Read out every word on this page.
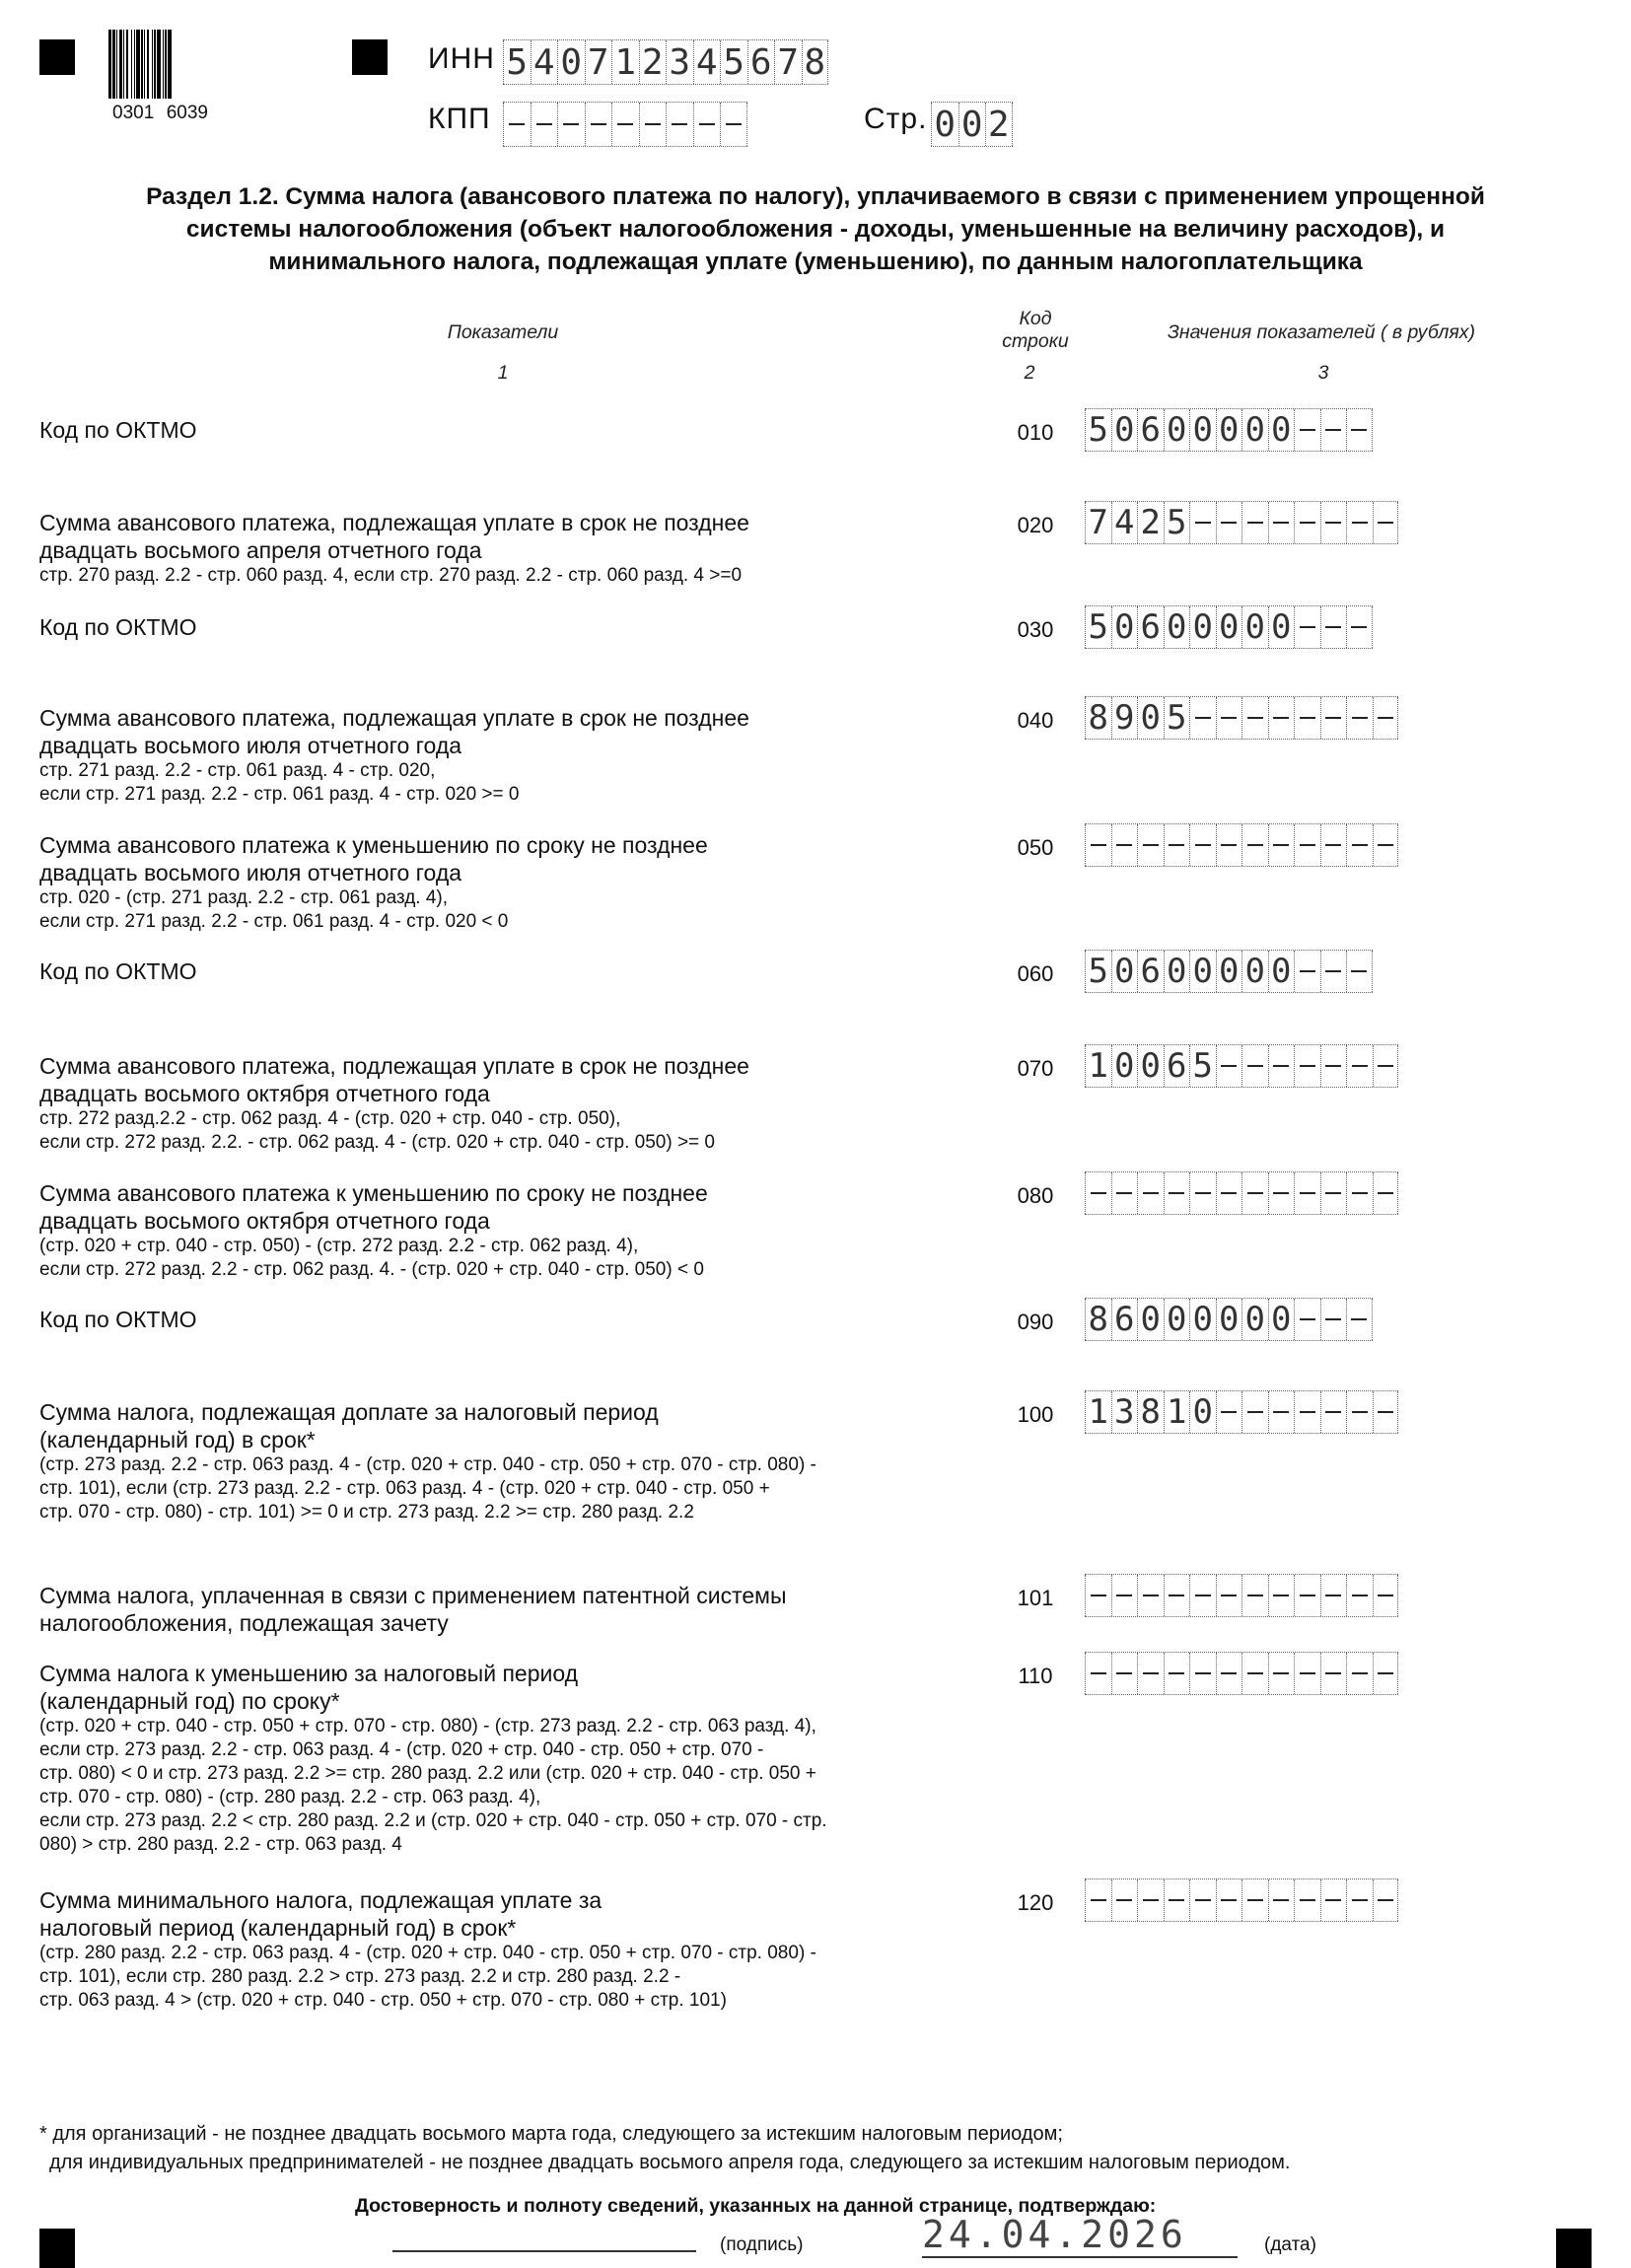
0301 6039
ИНН 5 4 0 7 1 2 3 4 5 6 7 8
КПП	Стр. 0 0 2
Раздел 1.2. Сумма налога (авансового платежа по налогу), уплачиваемого в связи с применением упрощенной
системы налогообложения (объект налогообложения - доходы, уменьшенные на величину расходов), и
минимального налога, подлежащая уплате (уменьшению), по данным налогоплательщика
Показатели
Код
строки	Значения показателей ( в рублях)
1	2	3
Код по ОКТМО	010	5 0 6 0 0 0 0 0
Сумма авансового платежа, подлежащая уплате в срок не позднее
двадцать восьмого апреля отчетного года
стр. 270 разд. 2.2 - стр. 060 разд. 4, если стр. 270 разд. 2.2 - стр. 060 разд. 4 >=0
020	7 4 2 5
Код по ОКТМО	030	5 0 6 0 0 0 0 0
Сумма авансового платежа, подлежащая уплате в срок не позднее
двадцать восьмого июля отчетного года
стр. 271 разд. 2.2 - стр. 061 разд. 4 - стр. 020,
если стр. 271 разд. 2.2 - стр. 061 разд. 4 - стр. 020 >= 0
040	8 9 0 5
Сумма авансового платежа к уменьшению по сроку не позднее
двадцать восьмого июля отчетного года
стр. 020 - (стр. 271 разд. 2.2 - стр. 061 разд. 4),
если стр. 271 разд. 2.2 - стр. 061 разд. 4 - стр. 020 < 0
050
Код по ОКТМО	060	5 0 6 0 0 0 0 0
Сумма авансового платежа, подлежащая уплате в срок не позднее
двадцать восьмого октября отчетного года
стр. 272 разд.2.2 - стр. 062 разд. 4 - (стр. 020 + стр. 040 - стр. 050),
если стр. 272 разд. 2.2. - стр. 062 разд. 4 - (стр. 020 + стр. 040 - стр. 050) >= 0
070	1 0 0 6 5
Сумма авансового платежа к уменьшению по сроку не позднее
двадцать восьмого октября отчетного года
(стр. 020 + стр. 040 - стр. 050) - (стр. 272 разд. 2.2 - стр. 062 разд. 4),
если стр. 272 разд. 2.2 - стр. 062 разд. 4. - (стр. 020 + стр. 040 - стр. 050) < 0
080
Код по ОКТМО	090	8 6 0 0 0 0 0 0
Сумма налога, подлежащая доплате за налоговый период
(календарный год) в срок*
(стр. 273 разд. 2.2 - стр. 063 разд. 4 - (стр. 020 + стр. 040 - стр. 050 + стр. 070 - стр. 080) -
стр. 101), если (стр. 273 разд. 2.2 - стр. 063 разд. 4 - (стр. 020 + стр. 040 - стр. 050 +
стр. 070 - стр. 080) - стр. 101) >= 0 и стр. 273 разд. 2.2 >= стр. 280 разд. 2.2
100	1 3 8 1 0
Сумма налога, уплаченная в связи с применением патентной системы
налогообложения, подлежащая зачету
101
Сумма налога к уменьшению за налоговый период
(календарный год) по сроку*
(стр. 020 + стр. 040 - стр. 050 + стр. 070 - стр. 080) - (стр. 273 разд. 2.2 - стр. 063 разд. 4),
если стр. 273 разд. 2.2 - стр. 063 разд. 4 - (стр. 020 + стр. 040 - стр. 050 + стр. 070 -
стр. 080) < 0 и стр. 273 разд. 2.2 >= стр. 280 разд. 2.2 или (стр. 020 + стр. 040 - стр. 050 +
стр. 070 - стр. 080) - (стр. 280 разд. 2.2 - стр. 063 разд. 4),
если стр. 273 разд. 2.2 < стр. 280 разд. 2.2 и (стр. 020 + стр. 040 - стр. 050 + стр. 070 - стр.
080) > стр. 280 разд. 2.2 - стр. 063 разд. 4
110
Сумма минимального налога, подлежащая уплате за
налоговый период (календарный год) в срок*
(стр. 280 разд. 2.2 - стр. 063 разд. 4 - (стр. 020 + стр. 040 - стр. 050 + стр. 070 - стр. 080) -
стр. 101), если стр. 280 разд. 2.2 > стр. 273 разд. 2.2 и стр. 280 разд. 2.2 -
стр. 063 разд. 4 > (стр. 020 + стр. 040 - стр. 050 + стр. 070 - стр. 080 + стр. 101)
120
* для организаций - не позднее двадцать восьмого марта года, следующего за истекшим налоговым периодом;
для индивидуальных предпринимателей - не позднее двадцать восьмого апреля года, следующего за истекшим налоговым периодом.
Достоверность и полноту сведений, указанных на данной странице, подтверждаю:
(подпись)	24.04.2026	(дата)
